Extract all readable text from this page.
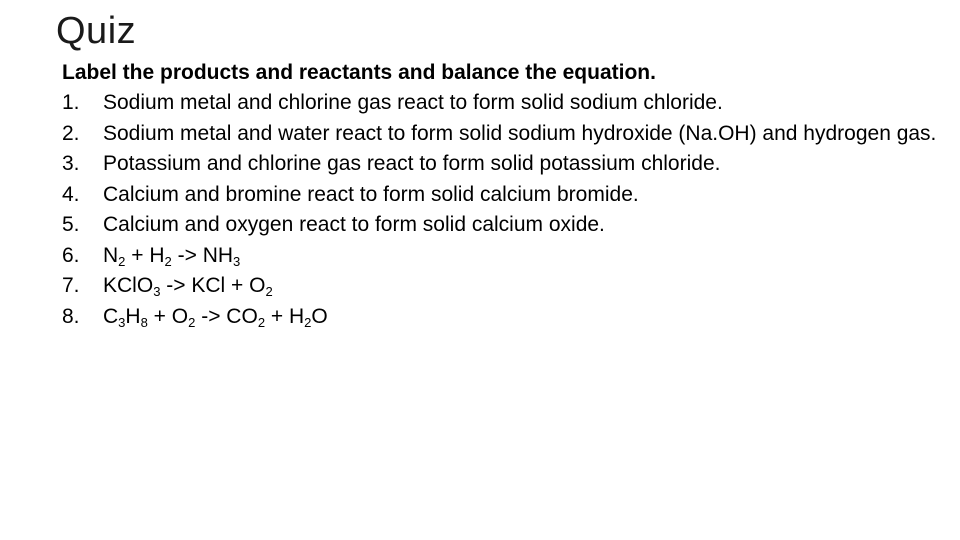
Quiz
Label the products and reactants and balance the equation.
1.	Sodium metal and chlorine gas react to form solid sodium chloride.
2.	Sodium metal and water react to form solid sodium hydroxide (Na.OH) and hydrogen gas.
3.	Potassium and chlorine gas react to form solid potassium chloride.
4.	Calcium and bromine react to form solid calcium bromide.
5.	Calcium and oxygen react to form solid calcium oxide.
6.	$N_2 + H_2 -> NH_3$
7.	KClO$_3$ -> KCl + $O_2$
8.	$C_3H_8 + O_2 -> CO_2 + H_2O$
